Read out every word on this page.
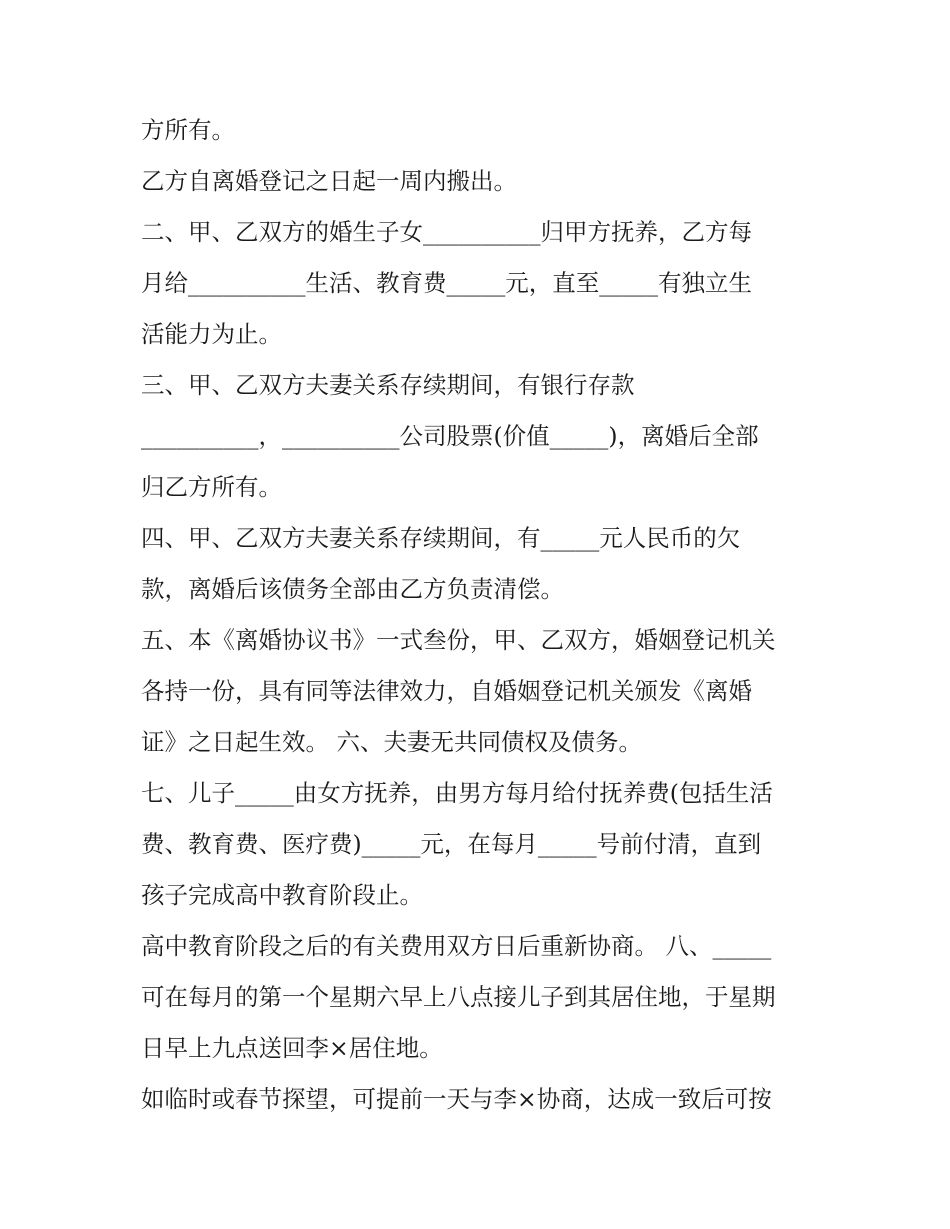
方所有。
乙方自离婚登记之日起一周内搬出。
二、甲、乙双方的婚生子女__________归甲方抚养，乙方每
月给__________生活、教育费_____元，直至_____有独立生
活能力为止。
三、甲、乙双方夫妻关系存续期间，有银行存款
__________，__________公司股票(价值_____)，离婚后全部
归乙方所有。
四、甲、乙双方夫妻关系存续期间，有_____元人民币的欠
款，离婚后该债务全部由乙方负责清偿。
五、本《离婚协议书》一式叁份，甲、乙双方，婚姻登记机关
各持一份，具有同等法律效力，自婚姻登记机关颁发《离婚
证》之日起生效。 六、夫妻无共同债权及债务。
七、儿子_____由女方抚养，由男方每月给付抚养费(包括生活
费、教育费、医疗费)_____元，在每月_____号前付清，直到
孩子完成高中教育阶段止。
高中教育阶段之后的有关费用双方日后重新协商。 八、_____
可在每月的第一个星期六早上八点接儿子到其居住地，于星期
日早上九点送回李×居住地。
如临时或春节探望，可提前一天与李×协商，达成一致后可按
